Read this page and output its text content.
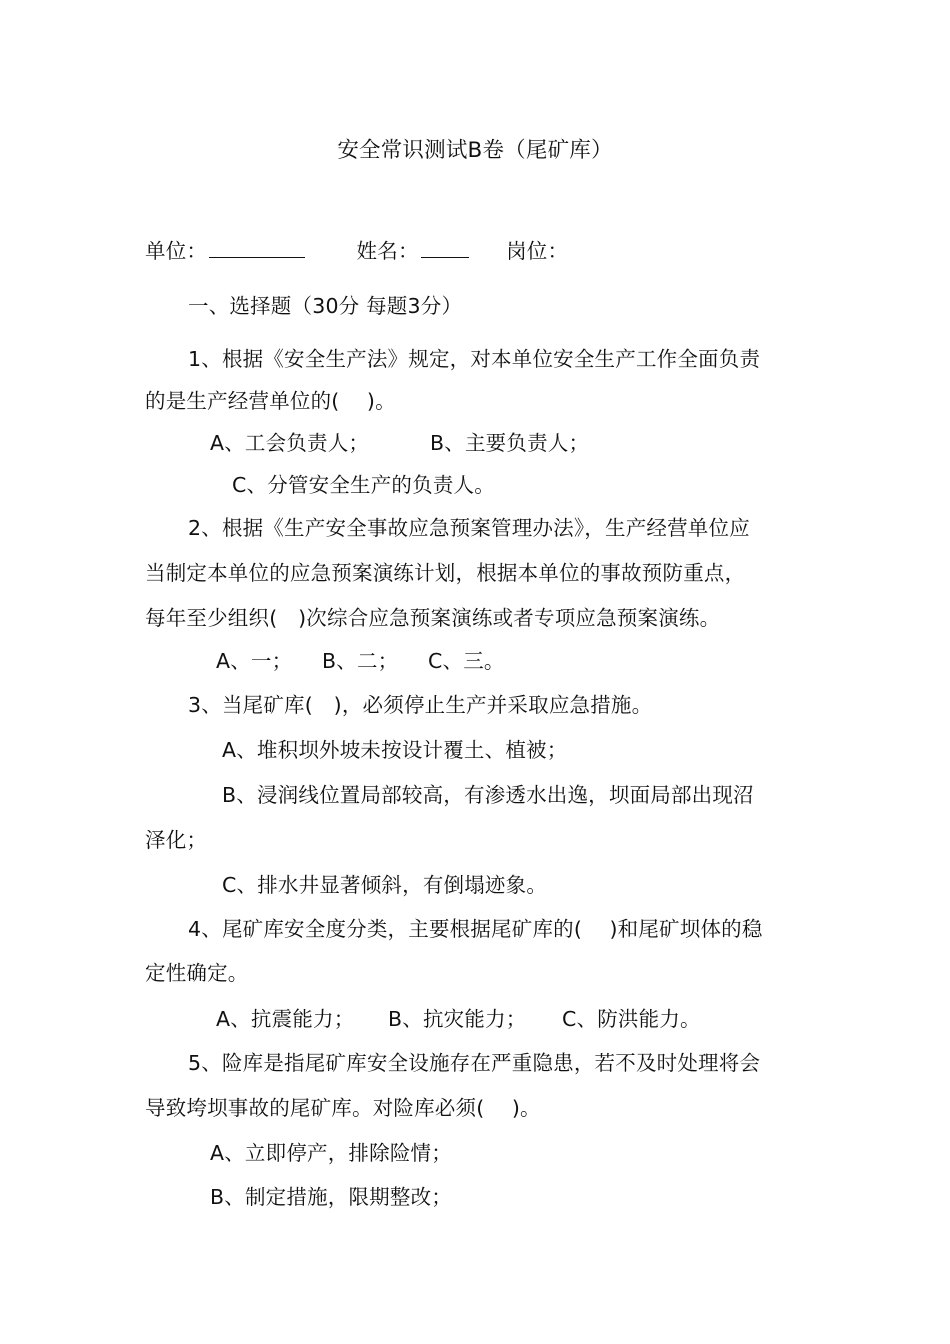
安全常识测试B卷（尾矿库）
单位：	姓名：	岗位：
一、选择题（30分 每题3分）
1、根据《安全生产法》规定，对本单位安全生产工作全面负责
的是生产经营单位的(　 )。
A、工会负责人；	B、主要负责人；
C、分管安全生产的负责人。
2、根据《生产安全事故应急预案管理办法》，生产经营单位应
当制定本单位的应急预案演练计划，根据本单位的事故预防重点，
每年至少组织(　)次综合应急预案演练或者专项应急预案演练。
A、一； B、二； C、三。
3、当尾矿库(　)，必须停止生产并采取应急措施。
A、堆积坝外坡未按设计覆土、植被；
B、浸润线位置局部较高，有渗透水出逸，坝面局部出现沼
泽化；
C、排水井显著倾斜，有倒塌迹象。
4、尾矿库安全度分类，主要根据尾矿库的(　 )和尾矿坝体的稳
定性确定。
A、抗震能力； B、抗灾能力； C、防洪能力。
5、险库是指尾矿库安全设施存在严重隐患，若不及时处理将会
导致垮坝事故的尾矿库。对险库必须(　 )。
A、立即停产，排除险情；
B、制定措施，限期整改；
